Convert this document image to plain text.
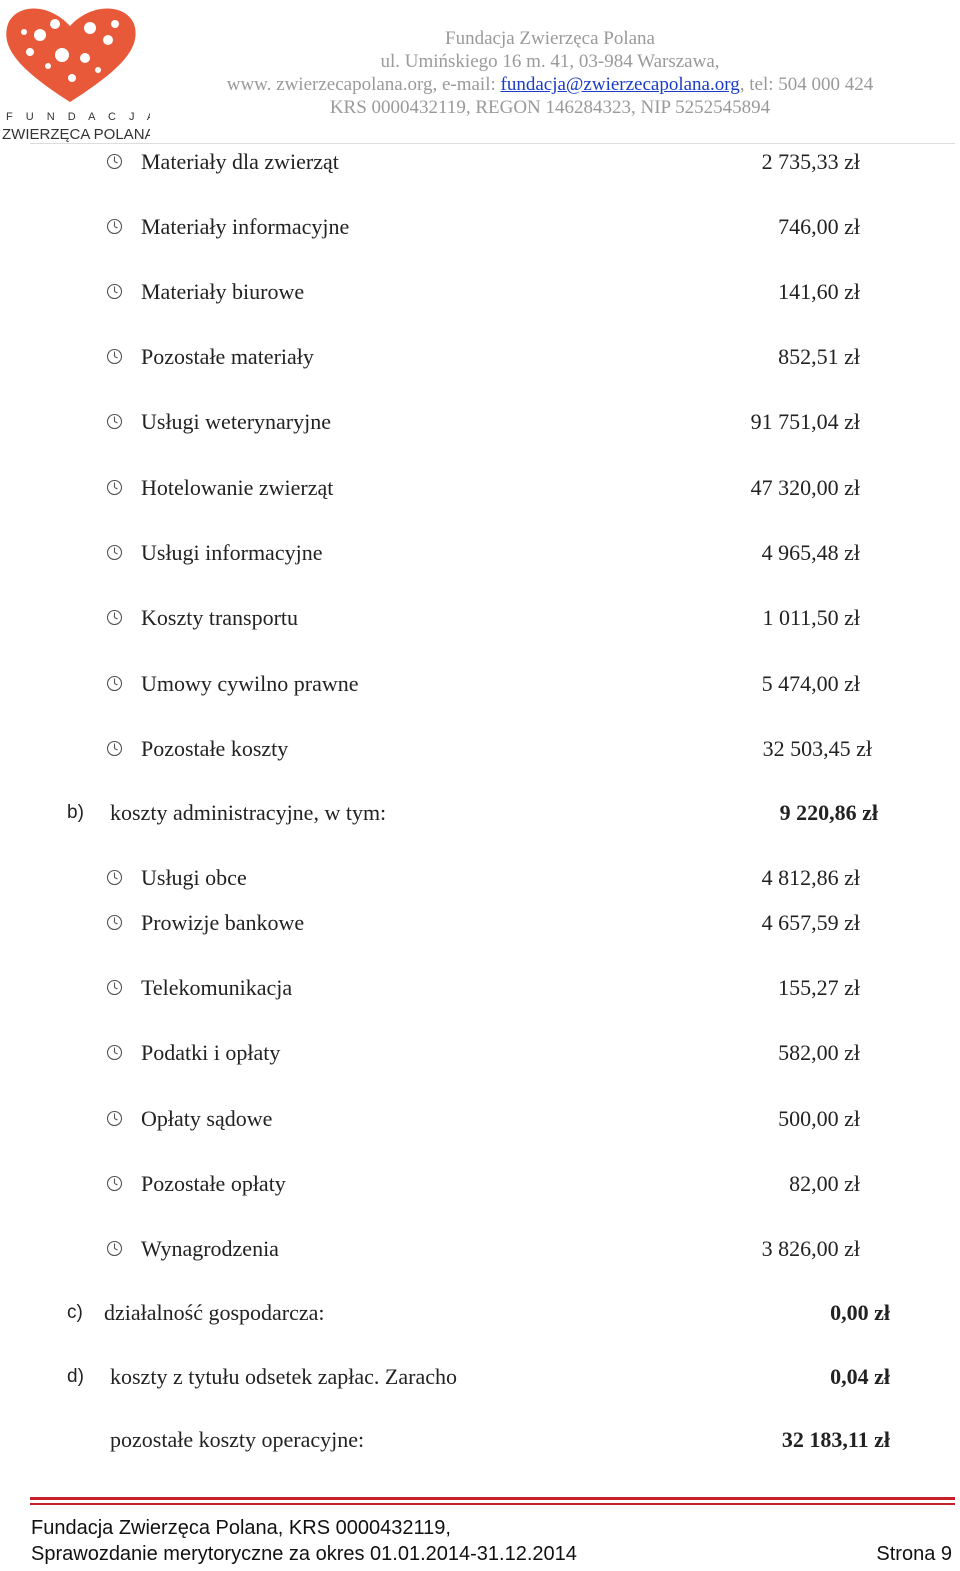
F U N D A C J A
ZWIERZĘCA POLANA
Fundacja Zwierzęca Polana
ul. Umińskiego 16 m. 41, 03-984 Warszawa,
www. zwierzecapolana.org, e-mail: fundacja@zwierzecapolana.org, tel: 504 000 424
KRS 0000432119, REGON 146284323, NIP 5252545894
Materiały dla zwierząt	2 735,33 zł
Materiały informacyjne	746,00 zł
Materiały biurowe	141,60 zł
Pozostałe materiały	852,51 zł
Usługi weterynaryjne	91 751,04 zł
Hotelowanie zwierząt	47 320,00 zł
Usługi informacyjne	4 965,48 zł
Koszty transportu	1 011,50 zł
Umowy cywilno prawne	5 474,00 zł
Pozostałe koszty	32 503,45 zł
b) koszty administracyjne, w tym:	9 220,86 zł
Usługi obce	4 812,86 zł
Prowizje bankowe	4 657,59 zł
Telekomunikacja	155,27 zł
Podatki i opłaty	582,00 zł
Opłaty sądowe	500,00 zł
Pozostałe opłaty	82,00 zł
Wynagrodzenia	3 826,00 zł
c) działalność gospodarcza:	0,00 zł
d) koszty z tytułu odsetek zapłac. Zaracho	0,04 zł
pozostałe koszty operacyjne:	32 183,11 zł
Fundacja Zwierzęca Polana, KRS 0000432119,
Sprawozdanie merytoryczne za okres 01.01.2014-31.12.2014	Strona 9
